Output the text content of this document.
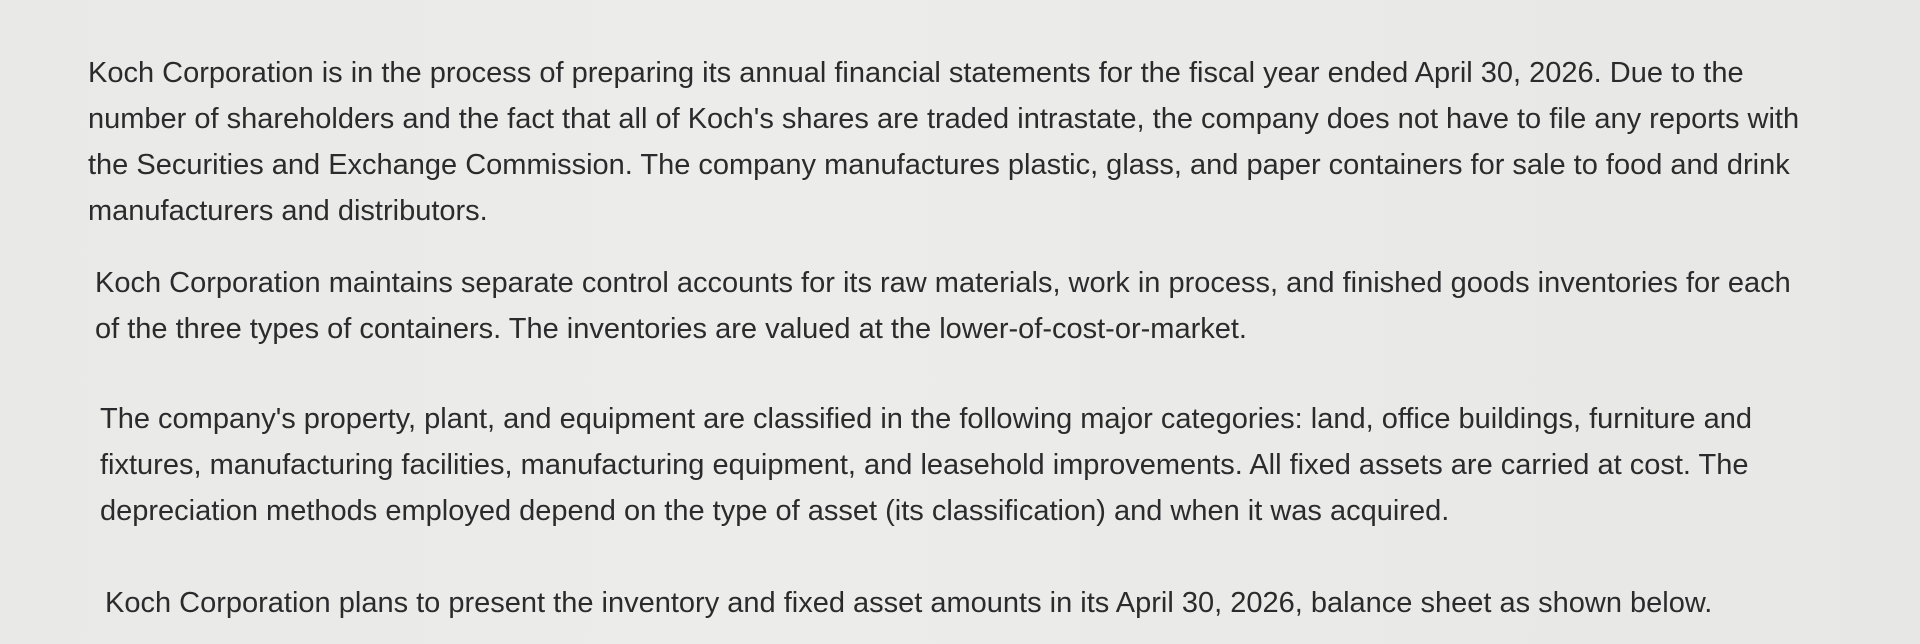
Koch Corporation is in the process of preparing its annual financial statements for the fiscal year ended April 30, 2026. Due to the
number of shareholders and the fact that all of Koch's shares are traded intrastate, the company does not have to file any reports with
the Securities and Exchange Commission. The company manufactures plastic, glass, and paper containers for sale to food and drink
manufacturers and distributors.

Koch Corporation maintains separate control accounts for its raw materials, work in process, and finished goods inventories for each
of the three types of containers. The inventories are valued at the lower-of-cost-or-market.

The company's property, plant, and equipment are classified in the following major categories: land, office buildings, furniture and
fixtures, manufacturing facilities, manufacturing equipment, and leasehold improvements. All fixed assets are carried at cost. The
depreciation methods employed depend on the type of asset (its classification) and when it was acquired.

Koch Corporation plans to present the inventory and fixed asset amounts in its April 30, 2026, balance sheet as shown below.
